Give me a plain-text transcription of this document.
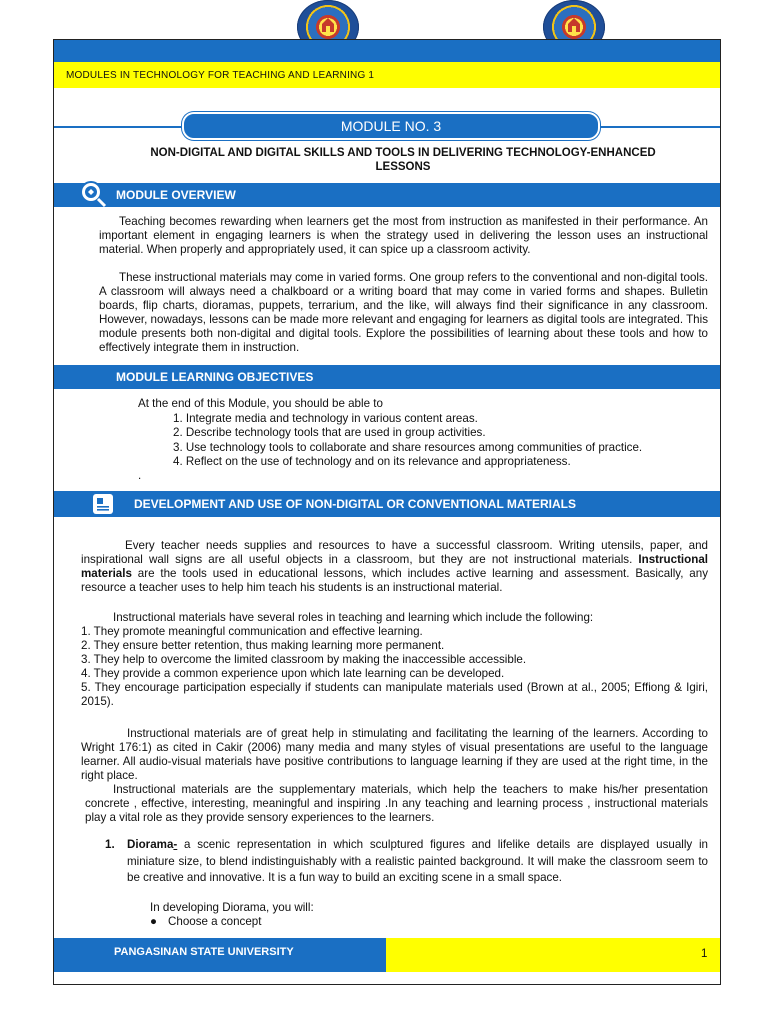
MODULES IN TECHNOLOGY FOR TEACHING AND LEARNING 1
MODULE NO. 3
NON-DIGITAL AND DIGITAL SKILLS AND TOOLS IN DELIVERING TECHNOLOGY-ENHANCED
LESSONS
MODULE OVERVIEW

Teaching becomes rewarding when learners get the most from instruction as manifested in their performance. An important element in engaging learners is when the strategy used in delivering the lesson uses an instructional material. When properly and appropriately used, it can spice up a classroom activity.

These instructional materials may come in varied forms. One group refers to the conventional and non-digital tools. A classroom will always need a chalkboard or a writing board that may come in varied forms and shapes. Bulletin boards, flip charts, dioramas, puppets, terrarium, and the like, will always find their significance in any classroom. However, nowadays, lessons can be made more relevant and engaging for learners as digital tools are integrated. This module presents both non-digital and digital tools. Explore the possibilities of learning about these tools and how to effectively integrate them in instruction.

MODULE LEARNING OBJECTIVES
At the end of this Module, you should be able to
1. Integrate media and technology in various content areas.
2. Describe technology tools that are used in group activities.
3. Use technology tools to collaborate and share resources among communities of practice.
4. Reflect on the use of technology and on its relevance and appropriateness.
.
DEVELOPMENT AND USE OF NON-DIGITAL OR CONVENTIONAL MATERIALS

Every teacher needs supplies and resources to have a successful classroom. Writing utensils, paper, and inspirational wall signs are all useful objects in a classroom, but they are not instructional materials. Instructional materials are the tools used in educational lessons, which includes active learning and assessment. Basically, any resource a teacher uses to help him teach his students is an instructional material.

Instructional materials have several roles in teaching and learning which include the following:

1. They promote meaningful communication and effective learning.
2. They ensure better retention, thus making learning more permanent.
3. They help to overcome the limited classroom by making the inaccessible accessible.
4. They provide a common experience upon which late learning can be developed.
5. They encourage participation especially if students can manipulate materials used (Brown at al., 2005; Effiong & Igiri, 2015).

Instructional materials are of great help in stimulating and facilitating the learning of the learners. According to Wright 176:1) as cited in Cakir (2006) many media and many styles of visual presentations are useful to the language learner. All audio-visual materials have positive contributions to language learning if they are used at the right time, in the right place.

Instructional materials are the supplementary materials, which help the teachers to make his/her presentation concrete , effective, interesting, meaningful and inspiring .In any teaching and learning process , instructional materials play a vital role as they provide sensory experiences to the learners.

1.	Diorama- a scenic representation in which sculptured figures and lifelike details are displayed usually in miniature size, to blend indistinguishably with a realistic painted background. It will make the classroom seem to be creative and innovative. It is a fun way to build an exciting scene in a small space.
In developing Diorama, you will:
● Choose a concept
PANGASINAN STATE UNIVERSITY	1
